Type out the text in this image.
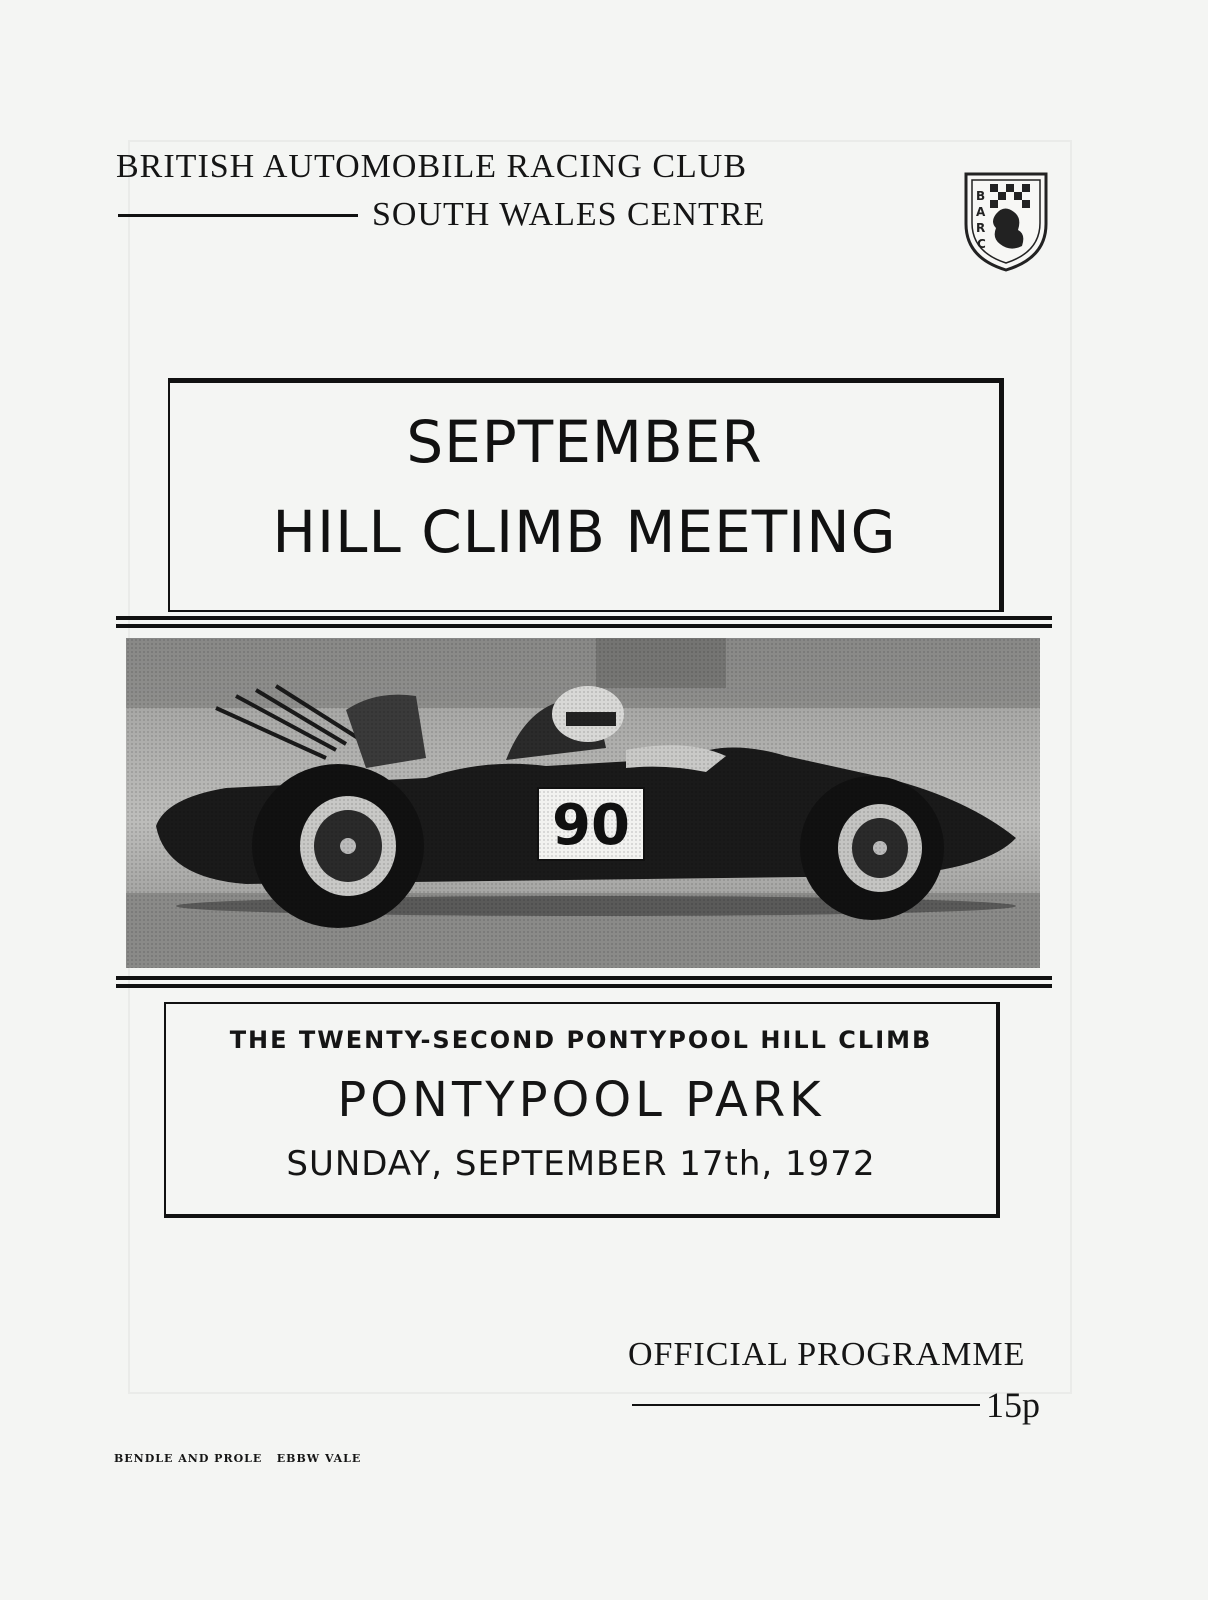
BRITISH AUTOMOBILE RACING CLUB
SOUTH WALES CENTRE	B
A
R
C
SEPTEMBER
HILL CLIMB MEETING
THE TWENTY-SECOND PONTYPOOL HILL CLIMB
PONTYPOOL PARK
SUNDAY, SEPTEMBER 17th, 1972
OFFICIAL PROGRAMME
15p
BENDLE AND PROLE   EBBW VALE
